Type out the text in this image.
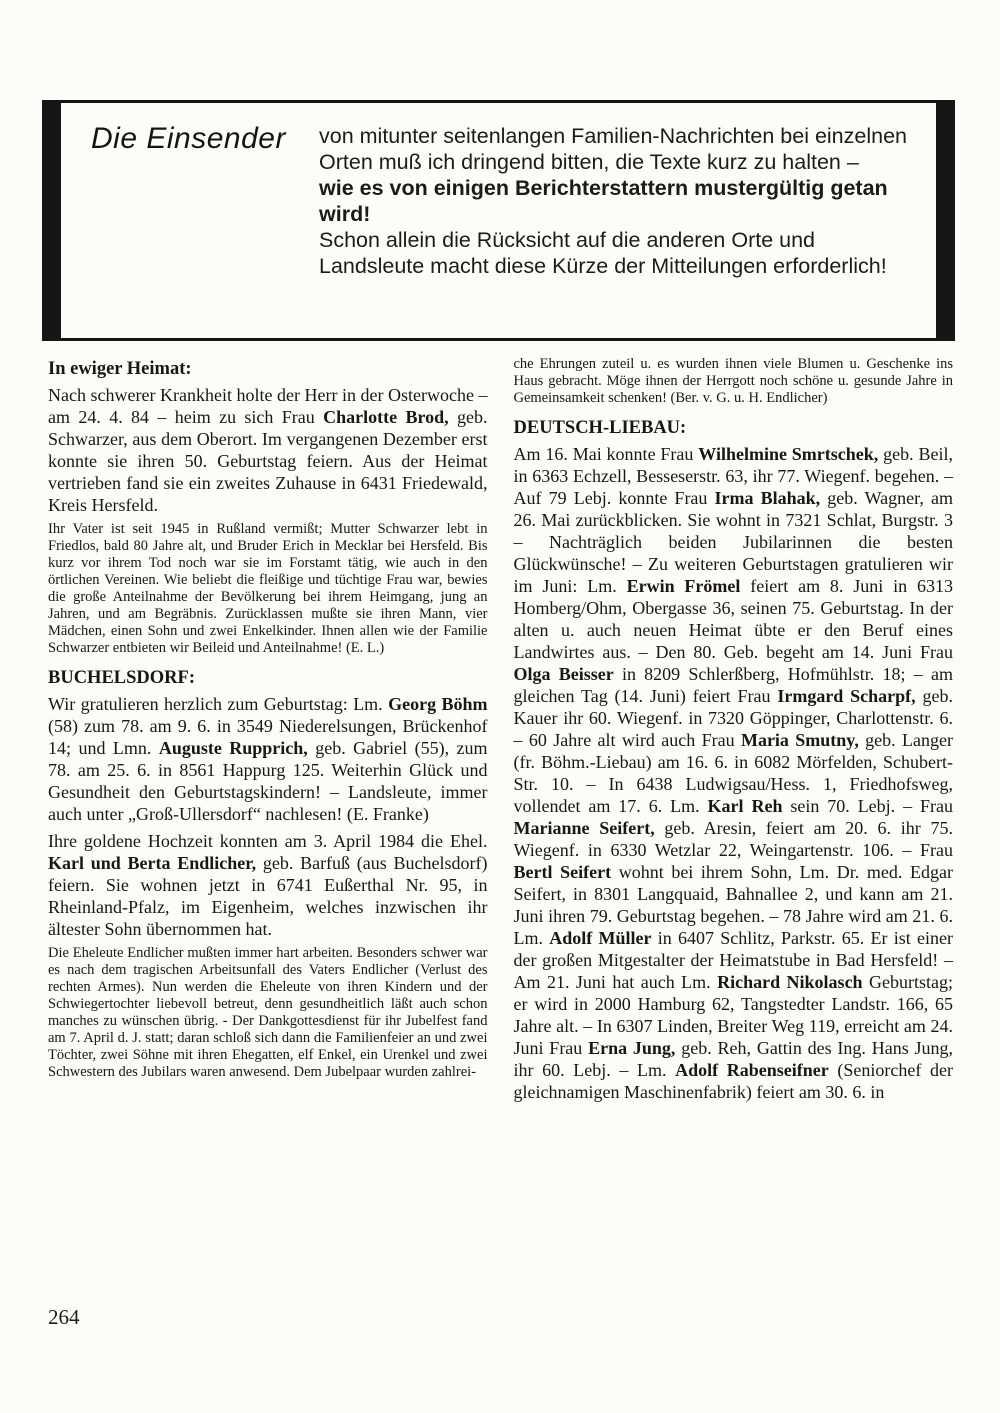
Die Einsender	von mitunter seitenlangen Familien-Nachrichten bei einzelnen Orten muß ich dringend bitten, die Texte kurz zu halten –
wie es von einigen Berichterstattern mustergültig getan wird!
Schon allein die Rücksicht auf die anderen Orte und Landsleute macht diese Kürze der Mitteilungen erforderlich!
In ewiger Heimat:

Nach schwerer Krankheit holte der Herr in der Osterwoche – am 24. 4. 84 – heim zu sich Frau Charlotte Brod, geb. Schwarzer, aus dem Oberort. Im vergangenen Dezember erst konnte sie ihren 50. Geburtstag feiern. Aus der Heimat vertrieben fand sie ein zweites Zuhause in 6431 Friedewald, Kreis Hersfeld.

Ihr Vater ist seit 1945 in Rußland vermißt; Mutter Schwarzer lebt in Friedlos, bald 80 Jahre alt, und Bruder Erich in Mecklar bei Hersfeld. Bis kurz vor ihrem Tod noch war sie im Forstamt tätig, wie auch in den örtlichen Vereinen. Wie beliebt die fleißige und tüchtige Frau war, bewies die große Anteilnahme der Bevölkerung bei ihrem Heimgang, jung an Jahren, und am Begräbnis. Zurücklassen mußte sie ihren Mann, vier Mädchen, einen Sohn und zwei Enkelkinder. Ihnen allen wie der Familie Schwarzer entbieten wir Beileid und Anteilnahme! (E. L.)

BUCHELSDORF:

Wir gratulieren herzlich zum Geburtstag: Lm. Georg Böhm (58) zum 78. am 9. 6. in 3549 Niederelsungen, Brückenhof 14; und Lmn. Auguste Rupprich, geb. Gabriel (55), zum 78. am 25. 6. in 8561 Happurg 125. Weiterhin Glück und Gesundheit den Geburtstagskindern! – Landsleute, immer auch unter „Groß-Ullersdorf“ nachlesen! (E. Franke)

Ihre goldene Hochzeit konnten am 3. April 1984 die Ehel. Karl und Berta Endlicher, geb. Barfuß (aus Buchelsdorf) feiern. Sie wohnen jetzt in 6741 Eußerthal Nr. 95, in Rheinland-Pfalz, im Eigenheim, welches inzwischen ihr ältester Sohn übernommen hat.

Die Eheleute Endlicher mußten immer hart arbeiten. Besonders schwer war es nach dem tragischen Arbeitsunfall des Vaters Endlicher (Verlust des rechten Armes). Nun werden die Eheleute von ihren Kindern und der Schwiegertochter liebevoll betreut, denn gesundheitlich läßt auch schon manches zu wünschen übrig. - Der Dankgottesdienst für ihr Jubelfest fand am 7. April d. J. statt; daran schloß sich dann die Familienfeier an und zwei Töchter, zwei Söhne mit ihren Ehegatten, elf Enkel, ein Urenkel und zwei Schwestern des Jubilars waren anwesend. Dem Jubelpaar wurden zahlrei-

che Ehrungen zuteil u. es wurden ihnen viele Blumen u. Geschenke ins Haus gebracht. Möge ihnen der Herrgott noch schöne u. gesunde Jahre in Gemeinsamkeit schenken! (Ber. v. G. u. H. Endlicher)

DEUTSCH-LIEBAU:

Am 16. Mai konnte Frau Wilhelmine Smrtschek, geb. Beil, in 6363 Echzell, Besseserstr. 63, ihr 77. Wiegenf. begehen. – Auf 79 Lebj. konnte Frau Irma Blahak, geb. Wagner, am 26. Mai zurückblicken. Sie wohnt in 7321 Schlat, Burgstr. 3 – Nachträglich beiden Jubilarinnen die besten Glückwünsche! – Zu weiteren Geburtstagen gratulieren wir im Juni: Lm. Erwin Frömel feiert am 8. Juni in 6313 Homberg/Ohm, Obergasse 36, seinen 75. Geburtstag. In der alten u. auch neuen Heimat übte er den Beruf eines Landwirtes aus. – Den 80. Geb. begeht am 14. Juni Frau Olga Beisser in 8209 Schlerßberg, Hofmühlstr. 18; – am gleichen Tag (14. Juni) feiert Frau Irmgard Scharpf, geb. Kauer ihr 60. Wiegenf. in 7320 Göppinger, Charlottenstr. 6. – 60 Jahre alt wird auch Frau Maria Smutny, geb. Langer (fr. Böhm.-Liebau) am 16. 6. in 6082 Mörfelden, Schubert-Str. 10. – In 6438 Ludwigsau/Hess. 1, Friedhofsweg, vollendet am 17. 6. Lm. Karl Reh sein 70. Lebj. – Frau Marianne Seifert, geb. Aresin, feiert am 20. 6. ihr 75. Wiegenf. in 6330 Wetzlar 22, Weingartenstr. 106. – Frau Bertl Seifert wohnt bei ihrem Sohn, Lm. Dr. med. Edgar Seifert, in 8301 Langquaid, Bahnallee 2, und kann am 21. Juni ihren 79. Geburtstag begehen. – 78 Jahre wird am 21. 6. Lm. Adolf Müller in 6407 Schlitz, Parkstr. 65. Er ist einer der großen Mitgestalter der Heimatstube in Bad Hersfeld! – Am 21. Juni hat auch Lm. Richard Nikolasch Geburtstag; er wird in 2000 Hamburg 62, Tangstedter Landstr. 166, 65 Jahre alt. – In 6307 Linden, Breiter Weg 119, erreicht am 24. Juni Frau Erna Jung, geb. Reh, Gattin des Ing. Hans Jung, ihr 60. Lebj. – Lm. Adolf Rabenseifner (Seniorchef der gleichnamigen Maschinenfabrik) feiert am 30. 6. in

264
